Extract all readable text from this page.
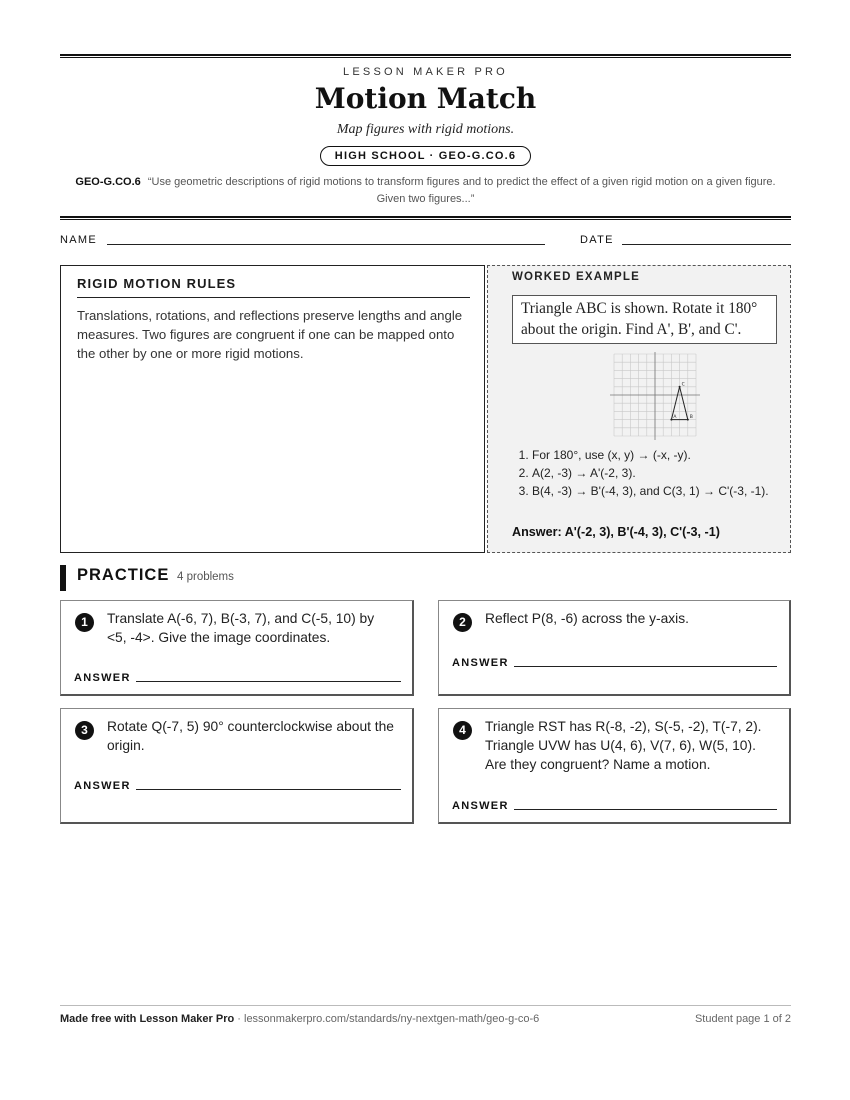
LESSON MAKER PRO
Motion Match
Map figures with rigid motions.
HIGH SCHOOL · GEO-G.CO.6
GEO-G.CO.6 “Use geometric descriptions of rigid motions to transform figures and to predict the effect of a given rigid motion on a given figure. Given two figures...”
NAME	DATE
RIGID MOTION RULES
Translations, rotations, and reflections preserve lengths and angle measures. Two figures are congruent if one can be mapped onto the other by one or more rigid motions.
WORKED EXAMPLE
Triangle ABC is shown. Rotate it 180° about the origin. Find A', B', and C'.
A	B
C
1. For 180°, use (x, y) → (-x, -y).
2. A(2, -3) → A'(-2, 3).
3. B(4, -3) → B'(-4, 3), and C(3, 1) → C'(-3, -1).
Answer: A'(-2, 3), B'(-4, 3), C'(-3, -1)
PRACTICE 4 problems
1	Translate A(-6, 7), B(-3, 7), and C(-5, 10) by <5, -4>. Give the image coordinates.
ANSWER
2	Reflect P(8, -6) across the y-axis.
ANSWER
3	Rotate Q(-7, 5) 90° counterclockwise about the origin.
ANSWER
4	Triangle RST has R(-8, -2), S(-5, -2), T(-7, 2). Triangle UVW has U(4, 6), V(7, 6), W(5, 10). Are they congruent? Name a motion.
ANSWER
Made free with Lesson Maker Pro · lessonmakerpro.com/standards/ny-nextgen-math/geo-g-co-6	Student page 1 of 2
